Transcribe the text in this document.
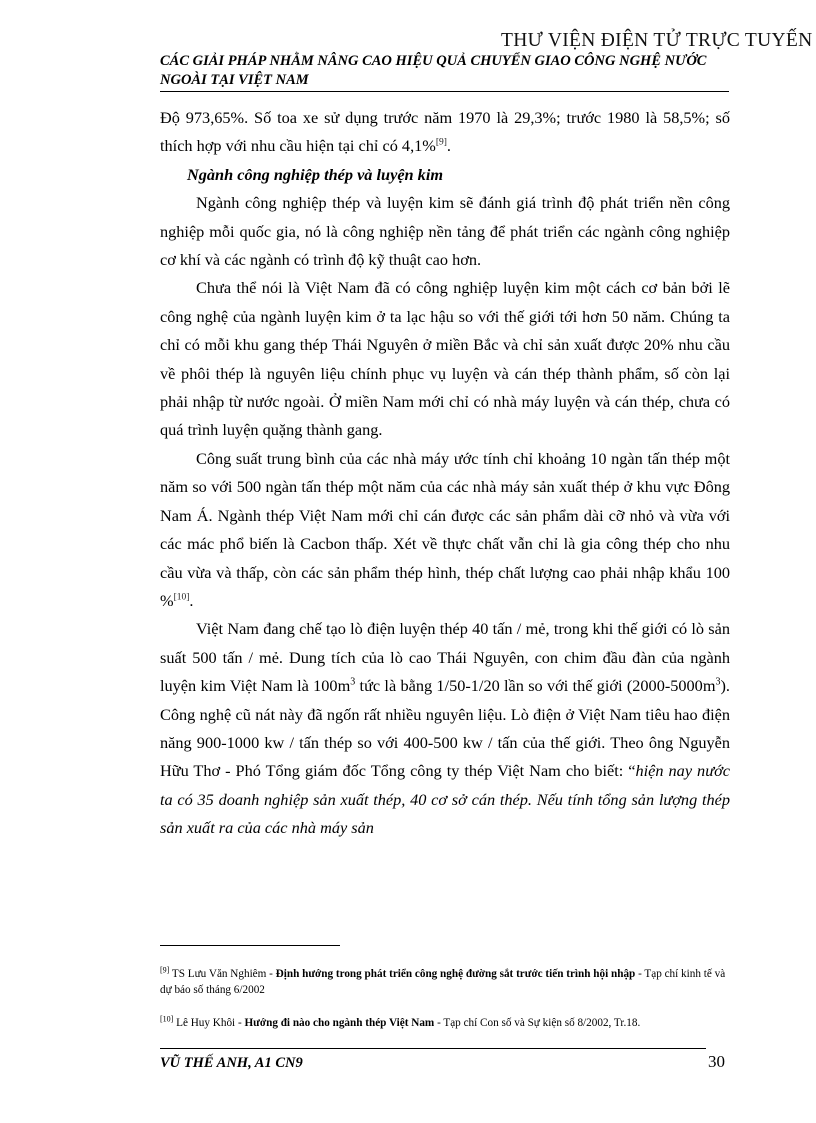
THƯ VIỆN ĐIỆN TỬ TRỰC TUYẾN
CÁC GIẢI PHÁP NHẰM NÂNG CAO HIỆU QUẢ CHUYỂN GIAO CÔNG NGHỆ NƯỚC
NGOÀI TẠI VIỆT NAM

Độ 973,65%. Số toa xe sử dụng trước năm 1970 là 29,3%; trước 1980 là 58,5%; số thích hợp với nhu cầu hiện tại chỉ có 4,1%[9].

Ngành công nghiệp thép và luyện kim

Ngành công nghiệp thép và luyện kim sẽ đánh giá trình độ phát triển nền công nghiệp mỗi quốc gia, nó là công nghiệp nền tảng để phát triển các ngành công nghiệp cơ khí và các ngành có trình độ kỹ thuật cao hơn.

Chưa thể nói là Việt Nam đã có công nghiệp luyện kim một cách cơ bản bởi lẽ công nghệ của ngành luyện kim ở ta lạc hậu so với thế giới tới hơn 50 năm. Chúng ta chỉ có mỗi khu gang thép Thái Nguyên ở miền Bắc và chỉ sản xuất được 20% nhu cầu về phôi thép là nguyên liệu chính phục vụ luyện và cán thép thành phẩm, số còn lại phải nhập từ nước ngoài. Ở miền Nam mới chỉ có nhà máy luyện và cán thép, chưa có quá trình luyện quặng thành gang.

Công suất trung bình của các nhà máy ước tính chỉ khoảng 10 ngàn tấn thép một năm so với 500 ngàn tấn thép một năm của các nhà máy sản xuất thép ở khu vực Đông Nam Á. Ngành thép Việt Nam mới chỉ cán được các sản phẩm dài cỡ nhỏ và vừa với các mác phổ biến là Cacbon thấp. Xét về thực chất vẫn chỉ là gia công thép cho nhu cầu vừa và thấp, còn các sản phẩm thép hình, thép chất lượng cao phải nhập khẩu 100 %[10].

Việt Nam đang chế tạo lò điện luyện thép 40 tấn / mẻ, trong khi thế giới có lò sản suất 500 tấn / mẻ. Dung tích của lò cao Thái Nguyên, con chim đầu đàn của ngành luyện kim Việt Nam là $100m^3$ tức là bằng 1/50-1/20 lần so với thế giới $(2000-5000m^3)$. Công nghệ cũ nát này đã ngốn rất nhiều nguyên liệu. Lò điện ở Việt Nam tiêu hao điện năng 900-1000 kw / tấn thép so với 400-500 kw / tấn của thế giới. Theo ông Nguyễn Hữu Thơ - Phó Tổng giám đốc Tổng công ty thép Việt Nam cho biết: “hiện nay nước ta có 35 doanh nghiệp sản xuất thép, 40 cơ sở cán thép. Nếu tính tổng sản lượng thép sản xuất ra của các nhà máy sản

[9] TS Lưu Văn Nghiêm - Định hướng trong phát triển công nghệ đường sắt trước tiến trình hội nhập - Tạp chí kinh tế và dự báo số tháng 6/2002
[10] Lê Huy Khôi - Hướng đi nào cho ngành thép Việt Nam - Tạp chí Con số và Sự kiện số 8/2002, Tr.18.
VŨ THẾ ANH, A1 CN9	30
